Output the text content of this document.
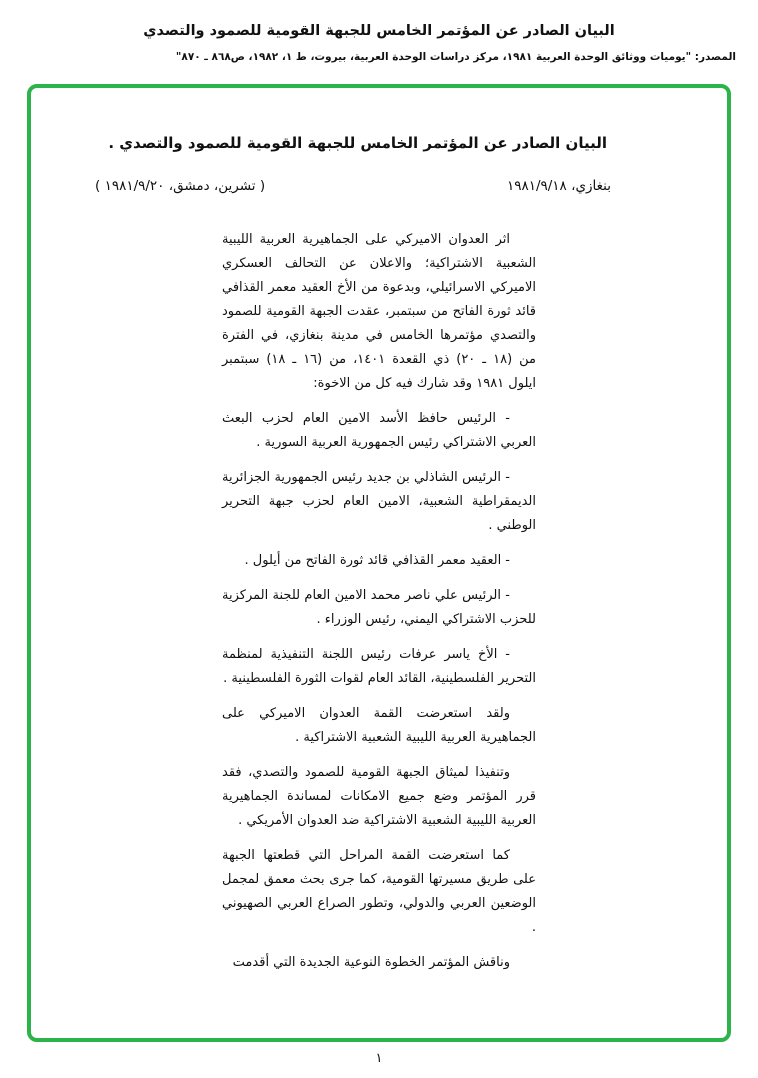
البيان الصادر عن المؤتمر الخامس للجبهة القومية للصمود والتصدي
المصدر: "يوميات ووثائق الوحدة العربية ١٩٨١، مركز دراسات الوحدة العربية، بيروت، ط ١، ١٩٨٢، ص٨٦٨ ـ ٨٧٠"
البيان الصادر عن المؤتمر الخامس للجبهة القومية للصمود والتصدي .
بنغازي، ١٩٨١/٩/١٨
( تشرين، دمشق، ١٩٨١/٩/٢٠ )

اثر العدوان الاميركي على الجماهيرية العربية الليبية الشعبية الاشتراكية؛ والاعلان عن التحالف العسكري الاميركي الاسرائيلي، وبدعوة من الأخ العقيد معمر القذافي قائد ثورة الفاتح من سبتمبر، عقدت الجبهة القومية للصمود والتصدي مؤتمرها الخامس في مدينة بنغازي، في الفترة من (١٨ ـ ٢٠) ذي القعدة ١٤٠١، من (١٦ ـ ١٨) سبتمبر ايلول ١٩٨١ وقد شارك فيه كل من الاخوة:

- الرئيس حافظ الأسد الامين العام لحزب البعث العربي الاشتراكي رئيس الجمهورية العربية السورية .

- الرئيس الشاذلي بن جديد رئيس الجمهورية الجزائرية الديمقراطية الشعبية، الامين العام لحزب جبهة التحرير الوطني .

- العقيد معمر القذافي قائد ثورة الفاتح من أيلول .

- الرئيس علي ناصر محمد الامين العام للجنة المركزية للحزب الاشتراكي اليمني، رئيس الوزراء .

- الأخ ياسر عرفات رئيس اللجنة التنفيذية لمنظمة التحرير الفلسطينية، القائد العام لقوات الثورة الفلسطينية .

ولقد استعرضت القمة العدوان الاميركي على الجماهيرية العربية الليبية الشعبية الاشتراكية .

وتنفيذا لميثاق الجبهة القومية للصمود والتصدي، فقد قرر المؤتمر وضع جميع الامكانات لمساندة الجماهيرية العربية الليبية الشعبية الاشتراكية ضد العدوان الأمريكي .

كما استعرضت القمة المراحل التي قطعتها الجبهة على طريق مسيرتها القومية، كما جرى بحث معمق لمجمل الوضعين العربي والدولي، وتطور الصراع العربي الصهيوني .

وناقش المؤتمر الخطوة النوعية الجديدة التي أقدمت

١
